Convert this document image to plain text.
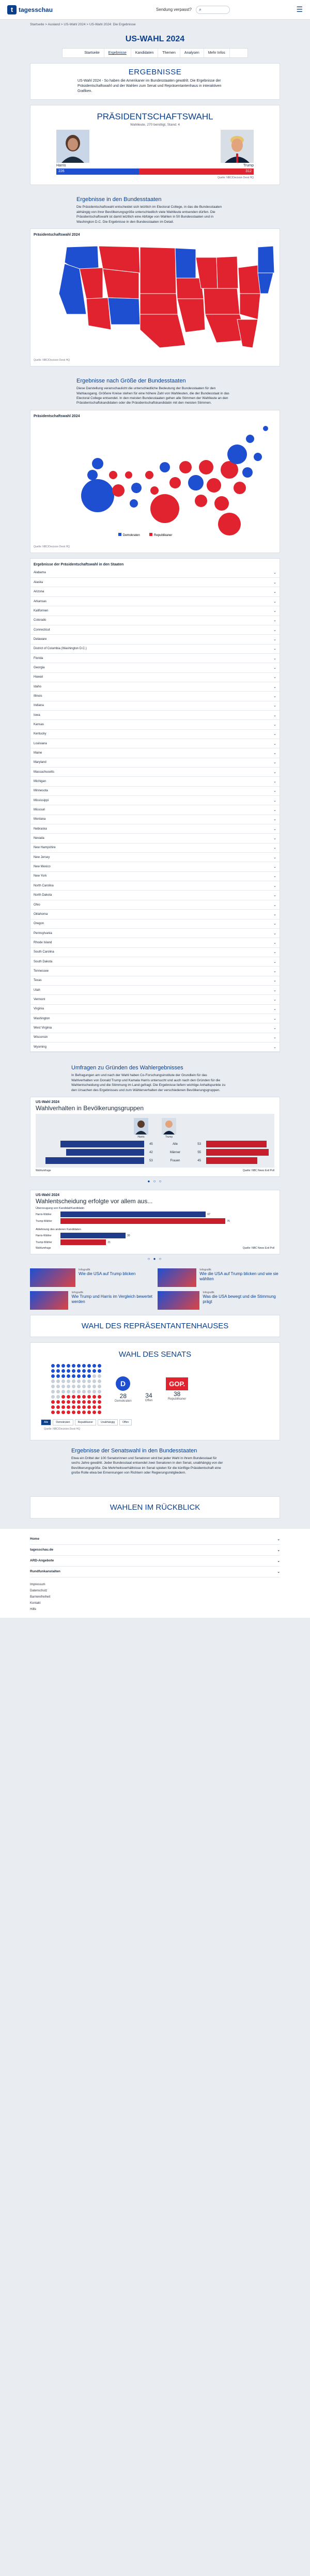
t tagesschau	Sendung verpasst? ⌕	☰
Startseite > Ausland > US-Wahl 2024 > US-Wahl 2024: Die Ergebnisse
US-WAHL 2024
Startseite	Ergebnisse	Kandidaten	Themen	Analysen	Mehr Infos
ERGEBNISSE
US-Wahl 2024 - So haben die Amerikaner im Bundesstaaten gewählt. Die Ergebnisse der Präsidentschaftswahl und der Wahlen zum Senat und Repräsentantenhaus in interaktiven Grafiken.
PRÄSIDENTSCHAFTSWAHL
Wahlleute, 270 benötigt, Stand: 4
Harris	Trump
226	312
Quelle: NBC/Decision Desk HQ
Ergebnisse in den Bundesstaaten
Die Präsidentschaftswahl entscheidet sich letztlich im Electoral College, in das die Bundesstaaten abhängig von ihrer Bevölkerungsgröße unterschiedlich viele Wahlleute entsenden dürfen. Die Präsidentschaftswahl ist damit letztlich eine Abfolge von Wahlen in 50 Bundesstaaten und in Washington D.C. Die Ergebnisse in den Bundesstaaten im Detail.
Präsidentschaftswahl 2024
Quelle: NBC/Decision Desk HQ
Ergebnisse nach Größe der Bundesstaaten
Diese Darstellung veranschaulicht die unterschiedliche Bedeutung der Bundesstaaten für den Wahlausgang. Größere Kreise stehen für eine höhere Zahl von Wahlleuten, die der Bundesstaat in das Electoral College entsendet. In den meisten Bundesstaaten gehen alle Stimmen der Wahlleute an den Präsidentschaftskandidaten oder die Präsidentschaftskandidatin mit den meisten Stimmen.
Präsidentschaftswahl 2024
Demokraten	Republikaner
Quelle: NBC/Decision Desk HQ
Ergebnisse der Präsidentschaftswahl in den Staaten
Alabama	⌄
Alaska	⌄
Arizona	⌄
Arkansas	⌄
Kalifornien	⌄
Colorado	⌄
Connecticut	⌄
Delaware	⌄
District of Columbia (Washington D.C.)	⌄
Florida	⌄
Georgia	⌄
Hawaii	⌄
Idaho	⌄
Illinois	⌄
Indiana	⌄
Iowa	⌄
Kansas	⌄
Kentucky	⌄
Louisiana	⌄
Maine	⌄
Maryland	⌄
Massachusetts	⌄
Michigan	⌄
Minnesota	⌄
Mississippi	⌄
Missouri	⌄
Montana	⌄
Nebraska	⌄
Nevada	⌄
New Hampshire	⌄
New Jersey	⌄
New Mexico	⌄
New York	⌄
North Carolina	⌄
North Dakota	⌄
Ohio	⌄
Oklahoma	⌄
Oregon	⌄
Pennsylvania	⌄
Rhode Island	⌄
South Carolina	⌄
South Dakota	⌄
Tennessee	⌄
Texas	⌄
Utah	⌄
Vermont	⌄
Virginia	⌄
Washington	⌄
West Virginia	⌄
Wisconsin	⌄
Wyoming	⌄
Umfragen zu Gründen des Wahlergebnisses
In Befragungen am und nach der Wahl haben Co-Forschungsinstitute der Grundlein für das Wahlverhalten von Donald Trump und Kamala Harris untersucht und auch nach den Gründen für die Wahlentscheidung und die Stimmung im Land gefragt. Die Ergebnisse liefern wichtige Anhaltspunkte zu den Ursachen des Ergebnisses und zum Wählerverhalten der verschiedenen Bevölkerungsgruppen.
US-Wahl 2024
Wahlverhalten in Bevölkerungsgruppen
Harris	Trump
45	Alle	53
42	Männer	55
53	Frauen	45
Wahlumfrage	Quelle: NBC News Exit Poll
● ○ ○
US-Wahl 2024
Wahlentscheidung erfolgte vor allem aus...
Überzeugung von Kandidat/Kandidatin
Harris-Wähler	67
Trump-Wähler	76
Ablehnung des anderen Kandidaten
Harris-Wähler	30
Trump-Wähler	21
Wahlumfrage	Quelle: NBC News Exit Poll
○ ● ○
Infografik
Wie die USA auf Trump blicken
Infografik
Wie die USA auf Trump blicken und wie sie wählten
Infografik
Wie Trump und Harris im Vergleich bewertet werden
Infografik
Was die USA bewegt und die Stimmung prägt
WAHL DES REPRÄSENTANTENHAUSES
WAHL DES SENATS
D
28
Demokraten
34
Offen
GOP.
38
Republikaner
Alle	Demokraten	Republikaner	Unabhängig	Offen
Quelle: NBC/Decision Desk HQ
Ergebnisse der Senatswahl in den Bundesstaaten
Etwa ein Drittel der 100 Senatorinnen und Senatoren wird bei jeder Wahl in ihrem Bundesstaat für sechs Jahre gewählt. Jeder Bundesstaat entsendet zwei Senatoren in den Senat, unabhängig von der Bevölkerungsgröße. Die Mehrheitsverhältnisse im Senat spielen für die künftige Präsidentschaft eine große Rolle etwa bei Ernennungen von Richtern oder Regierungsmitgliedern.
WAHLEN IM RÜCKBLICK
Home	⌄
tagesschau.de	⌄
ARD-Angebote	⌄
Rundfunkanstalten	⌄
Impressum
Datenschutz
Barrierefreiheit
Kontakt
Hilfe
